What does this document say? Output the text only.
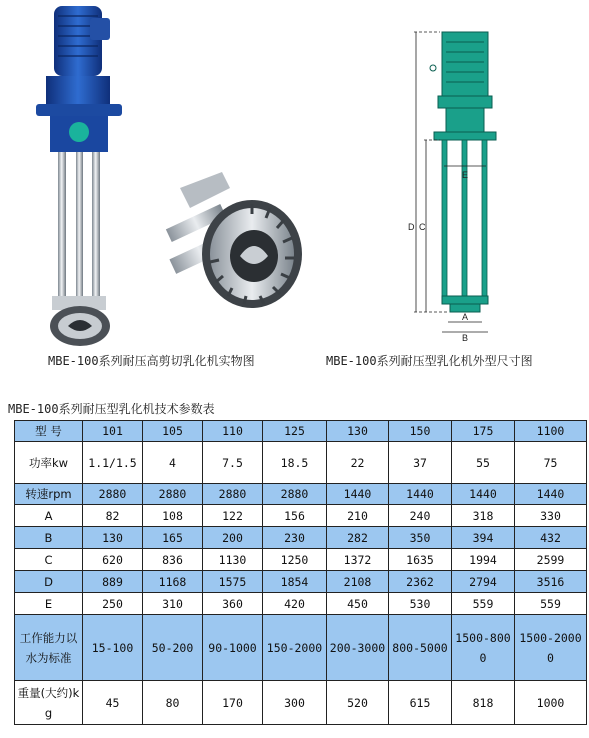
D C
E
A
B
MBE-100系列耐压高剪切乳化机实物图	MBE-100系列耐压型乳化机外型尺寸图
MBE-100系列耐压型乳化机技术参数表
型 号	101	105	110	125	130	150	175	1100
功率kw	1.1/1.5	4	7.5	18.5	22	37	55	75
转速rpm	2880	2880	2880	2880	1440	1440	1440	1440
A	82	108	122	156	210	240	318	330
B	130	165	200	230	282	350	394	432
C	620	836	1130	1250	1372	1635	1994	2599
D	889	1168	1575	1854	2108	2362	2794	3516
E	250	310	360	420	450	530	559	559
工作能力以水为标准	15-100	50-200	90-1000	150-2000	200-3000	800-5000	1500-8000	1500-20000
重量(大约)kg	45	80	170	300	520	615	818	1000
